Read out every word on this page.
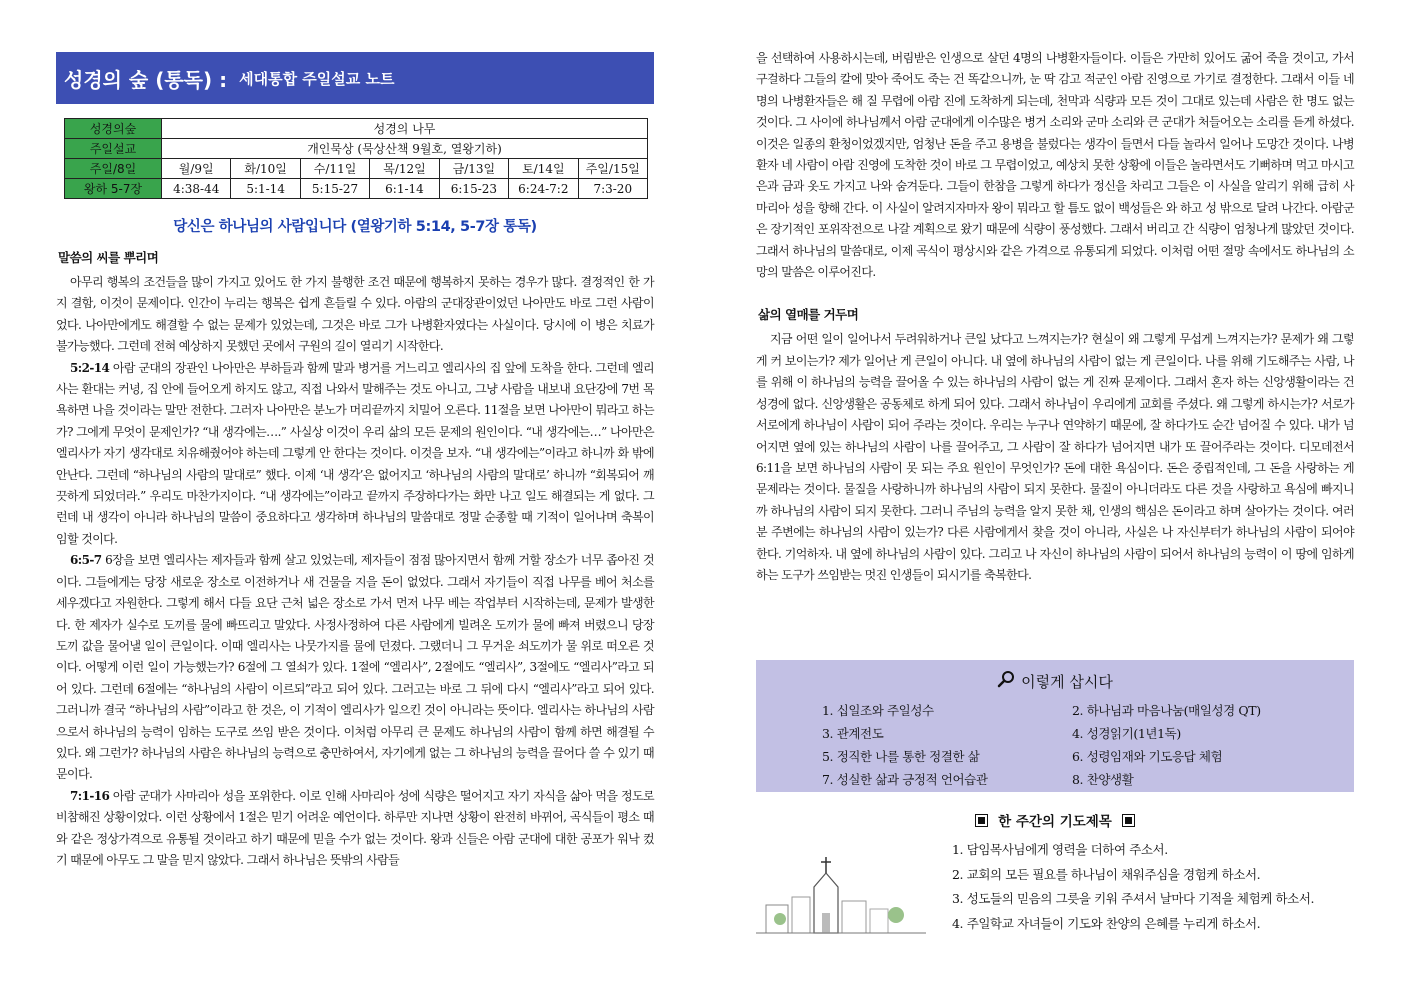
성경의 숲 (통독) : 세대통합 주일설교 노트
성경의숲	성경의 나무						
주일설교	개인묵상 (묵상산책 9월호, 열왕기하)						
주일/8일	월/9일	화/10일	수/11일	목/12일	금/13일	토/14일	주일/15일
왕하 5-7장	4:38-44	5:1-14	5:15-27	6:1-14	6:15-23	6:24-7:2	7:3-20
당신은 하나님의 사람입니다 (열왕기하 5:14, 5-7장 통독)
말씀의 씨를 뿌리며

아무리 행복의 조건들을 많이 가지고 있어도 한 가지 불행한 조건 때문에 행복하지 못하는 경우가 많다. 결정적인 한 가지 결함, 이것이 문제이다. 인간이 누리는 행복은 쉽게 흔들릴 수 있다. 아람의 군대장관이었던 나아만도 바로 그런 사람이었다. 나아만에게도 해결할 수 없는 문제가 있었는데, 그것은 바로 그가 나병환자였다는 사실이다. 당시에 이 병은 치료가 불가능했다. 그런데 전혀 예상하지 못했던 곳에서 구원의 길이 열리기 시작한다.

5:2-14 아람 군대의 장관인 나아만은 부하들과 함께 말과 병거를 거느리고 엘리사의 집 앞에 도착을 한다. 그런데 엘리사는 환대는 커녕, 집 안에 들어오게 하지도 않고, 직접 나와서 말해주는 것도 아니고, 그냥 사람을 내보내 요단강에 7번 목욕하면 나을 것이라는 말만 전한다. 그러자 나아만은 분노가 머리끝까지 치밀어 오른다. 11절을 보면 나아만이 뭐라고 하는가? 그에게 무엇이 문제인가? “내 생각에는….” 사실상 이것이 우리 삶의 모든 문제의 원인이다. “내 생각에는…” 나아만은 엘리사가 자기 생각대로 치유해줬어야 하는데 그렇게 안 한다는 것이다. 이것을 보자. “내 생각에는”이라고 하니까 화 밖에 안난다. 그런데 “하나님의 사람의 말대로” 했다. 이제 ‘내 생각’은 없어지고 ‘하나님의 사람의 말대로’ 하니까 “회복되어 깨끗하게 되었더라.” 우리도 마찬가지이다. “내 생각에는”이라고 끝까지 주장하다가는 화만 나고 일도 해결되는 게 없다. 그런데 내 생각이 아니라 하나님의 말씀이 중요하다고 생각하며 하나님의 말씀대로 정말 순종할 때 기적이 일어나며 축복이 임할 것이다.

6:5-7 6장을 보면 엘리사는 제자들과 함께 살고 있었는데, 제자들이 점점 많아지면서 함께 거할 장소가 너무 좁아진 것이다. 그들에게는 당장 새로운 장소로 이전하거나 새 건물을 지을 돈이 없었다. 그래서 자기들이 직접 나무를 베어 처소를 세우겠다고 자원한다. 그렇게 해서 다들 요단 근처 넓은 장소로 가서 먼저 나무 베는 작업부터 시작하는데, 문제가 발생한다. 한 제자가 실수로 도끼를 물에 빠뜨리고 말았다. 사정사정하여 다른 사람에게 빌려온 도끼가 물에 빠져 버렸으니 당장 도끼 값을 물어낼 일이 큰일이다. 이때 엘리사는 나뭇가지를 물에 던졌다. 그랬더니 그 무거운 쇠도끼가 물 위로 떠오른 것이다. 어떻게 이런 일이 가능했는가? 6절에 그 열쇠가 있다. 1절에 “엘리사”, 2절에도 “엘리사”, 3절에도 “엘리사”라고 되어 있다. 그런데 6절에는 “하나님의 사람이 이르되”라고 되어 있다. 그러고는 바로 그 뒤에 다시 “엘리사”라고 되어 있다. 그러니까 결국 “하나님의 사람”이라고 한 것은, 이 기적이 엘리사가 일으킨 것이 아니라는 뜻이다. 엘리사는 하나님의 사람으로서 하나님의 능력이 임하는 도구로 쓰임 받은 것이다. 이처럼 아무리 큰 문제도 하나님의 사람이 함께 하면 해결될 수 있다. 왜 그런가? 하나님의 사람은 하나님의 능력으로 충만하여서, 자기에게 없는 그 하나님의 능력을 끌어다 쓸 수 있기 때문이다.

7:1-16 아람 군대가 사마리아 성을 포위한다. 이로 인해 사마리아 성에 식량은 떨어지고 자기 자식을 삶아 먹을 정도로 비참해진 상황이었다. 이런 상황에서 1절은 믿기 어려운 예언이다. 하루만 지나면 상황이 완전히 바뀌어, 곡식들이 평소 때와 같은 정상가격으로 유통될 것이라고 하기 때문에 믿을 수가 없는 것이다. 왕과 신들은 아람 군대에 대한 공포가 워낙 컸기 때문에 아무도 그 말을 믿지 않았다. 그래서 하나님은 뜻밖의 사람들

을 선택하여 사용하시는데, 버림받은 인생으로 살던 4명의 나병환자들이다. 이들은 가만히 있어도 굶어 죽을 것이고, 가서 구걸하다 그들의 칼에 맞아 죽어도 죽는 건 똑같으니까, 눈 딱 감고 적군인 아람 진영으로 가기로 결정한다. 그래서 이들 네 명의 나병환자들은 해 질 무렵에 아람 진에 도착하게 되는데, 천막과 식량과 모든 것이 그대로 있는데 사람은 한 명도 없는 것이다. 그 사이에 하나님께서 아람 군대에게 이수많은 병거 소리와 군마 소리와 큰 군대가 처들어오는 소리를 듣게 하셨다. 이것은 일종의 환청이었겠지만, 엄청난 돈을 주고 용병을 불렀다는 생각이 들면서 다들 놀라서 일어나 도망간 것이다. 나병환자 네 사람이 아람 진영에 도착한 것이 바로 그 무렵이었고, 예상치 못한 상황에 이들은 놀라면서도 기뻐하며 먹고 마시고 은과 금과 옷도 가지고 나와 숨겨둔다. 그들이 한참을 그렇게 하다가 정신을 차리고 그들은 이 사실을 알리기 위해 급히 사마리아 성을 향해 간다. 이 사실이 알려지자마자 왕이 뭐라고 할 틈도 없이 백성들은 와 하고 성 밖으로 달려 나간다. 아람군은 장기적인 포위작전으로 나갈 계획으로 왔기 때문에 식량이 풍성했다. 그래서 버리고 간 식량이 엄청나게 많았던 것이다. 그래서 하나님의 말씀대로, 이제 곡식이 평상시와 같은 가격으로 유통되게 되었다. 이처럼 어떤 절망 속에서도 하나님의 소망의 말씀은 이루어진다.

삶의 열매를 거두며

지금 어떤 일이 일어나서 두려워하거나 큰일 났다고 느껴지는가? 현실이 왜 그렇게 무섭게 느껴지는가? 문제가 왜 그렇게 커 보이는가? 제가 일어난 게 큰일이 아니다. 내 옆에 하나님의 사람이 없는 게 큰일이다. 나를 위해 기도해주는 사람, 나를 위해 이 하나님의 능력을 끌어올 수 있는 하나님의 사람이 없는 게 진짜 문제이다. 그래서 혼자 하는 신앙생활이라는 건 성경에 없다. 신앙생활은 공동체로 하게 되어 있다. 그래서 하나님이 우리에게 교회를 주셨다. 왜 그렇게 하시는가? 서로가 서로에게 하나님이 사람이 되어 주라는 것이다. 우리는 누구나 연약하기 때문에, 잘 하다가도 순간 넘어질 수 있다. 내가 넘어지면 옆에 있는 하나님의 사람이 나를 끌어주고, 그 사람이 잘 하다가 넘어지면 내가 또 끌어주라는 것이다. 디모데전서 6:11을 보면 하나님의 사람이 못 되는 주요 원인이 무엇인가? 돈에 대한 욕심이다. 돈은 중립적인데, 그 돈을 사랑하는 게 문제라는 것이다. 물질을 사랑하니까 하나님의 사람이 되지 못한다. 물질이 아니더라도 다른 것을 사랑하고 욕심에 빠지니까 하나님의 사람이 되지 못한다. 그러니 주님의 능력을 알지 못한 채, 인생의 핵심은 돈이라고 하며 살아가는 것이다. 여러분 주변에는 하나님의 사람이 있는가? 다른 사람에게서 찾을 것이 아니라, 사실은 나 자신부터가 하나님의 사람이 되어야 한다. 기억하자. 내 옆에 하나님의 사람이 있다. 그리고 나 자신이 하나님의 사람이 되어서 하나님의 능력이 이 땅에 임하게 하는 도구가 쓰임받는 멋진 인생들이 되시기를 축복한다.

이렇게 삽시다
1. 십일조와 주일성수	2. 하나님과 마음나눔(매일성경 QT)
3. 관계전도	4. 성경읽기(1년1독)
5. 정직한 나를 통한 정결한 삶	6. 성령임재와 기도응답 체험
7. 성실한 삶과 긍정적 언어습관	8. 찬양생활
한 주간의 기도제목
1. 담임목사님에게 영력을 더하여 주소서.
2. 교회의 모든 필요를 하나님이 채워주심을 경험케 하소서.
3. 성도들의 믿음의 그릇을 키워 주셔서 날마다 기적을 체험케 하소서.
4. 주일학교 자녀들이 기도와 찬양의 은혜를 누리게 하소서.
